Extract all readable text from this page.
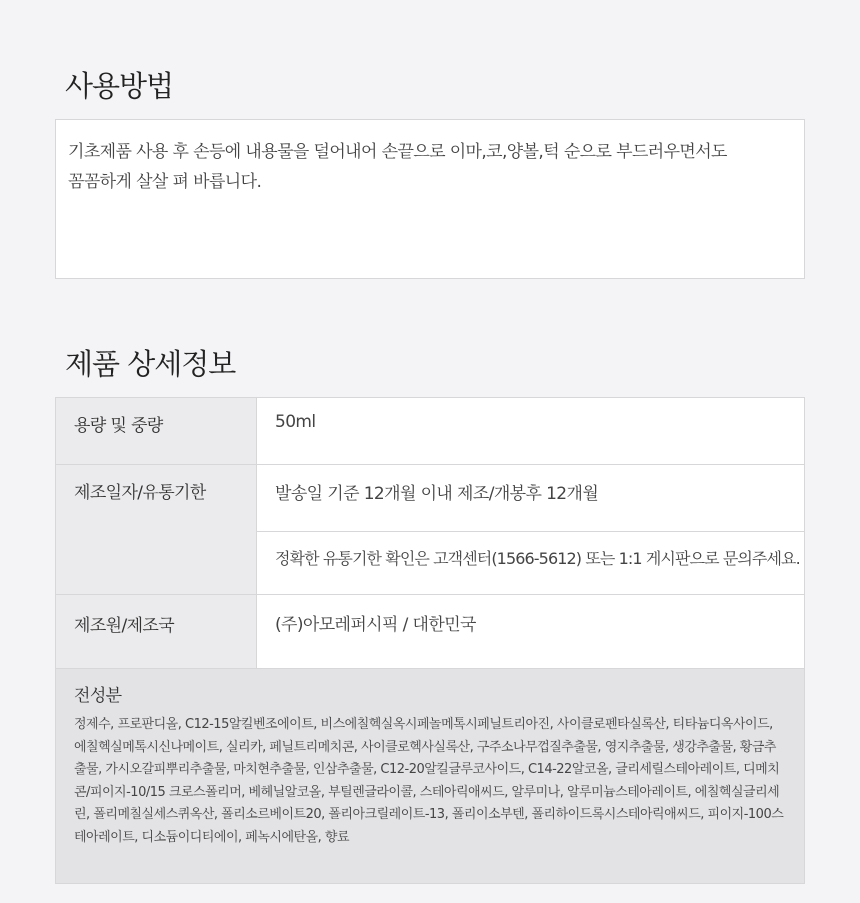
사용방법
기초제품 사용 후 손등에 내용물을 덜어내어 손끝으로 이마,코,양볼,턱 순으로 부드러우면서도 꼼꼼하게 살살 펴 바릅니다.
제품 상세정보
용량 및 중량	50ml
제조일자/유통기한	발송일 기준 12개월 이내 제조/개봉후 12개월
	정확한 유통기한 확인은 고객센터(1566-5612) 또는 1:1 게시판으로 문의주세요.
제조원/제조국	(주)아모레퍼시픽 / 대한민국

전성분
정제수, 프로판디올, C12-15알킬벤조에이트, 비스에칠헥실옥시페놀메톡시페닐트리아진, 사이클로펜타실록산, 티타늄디옥사이드, 에칠헥실메톡시신나메이트, 실리카, 페닐트리메치콘, 사이클로헥사실록산, 구주소나무껍질추출물, 영지추출물, 생강추출물, 황금추출물, 가시오갈피뿌리추출물, 마치현추출물, 인삼추출물, C12-20알킬글루코사이드, C14-22알코올, 글리세릴스테아레이트, 디메치콘/피이지-10/15 크로스폴리머, 베헤닐알코올, 부틸렌글라이콜, 스테아릭애씨드, 알루미나, 알루미늄스테아레이트, 에칠헥실글리세린, 폴리메칠실세스퀴옥산, 폴리소르베이트20, 폴리아크릴레이트-13, 폴리이소부텐, 폴리하이드록시스테아릭애씨드, 피이지-100스테아레이트, 디소듐이디티에이, 페녹시에탄올, 향료	
